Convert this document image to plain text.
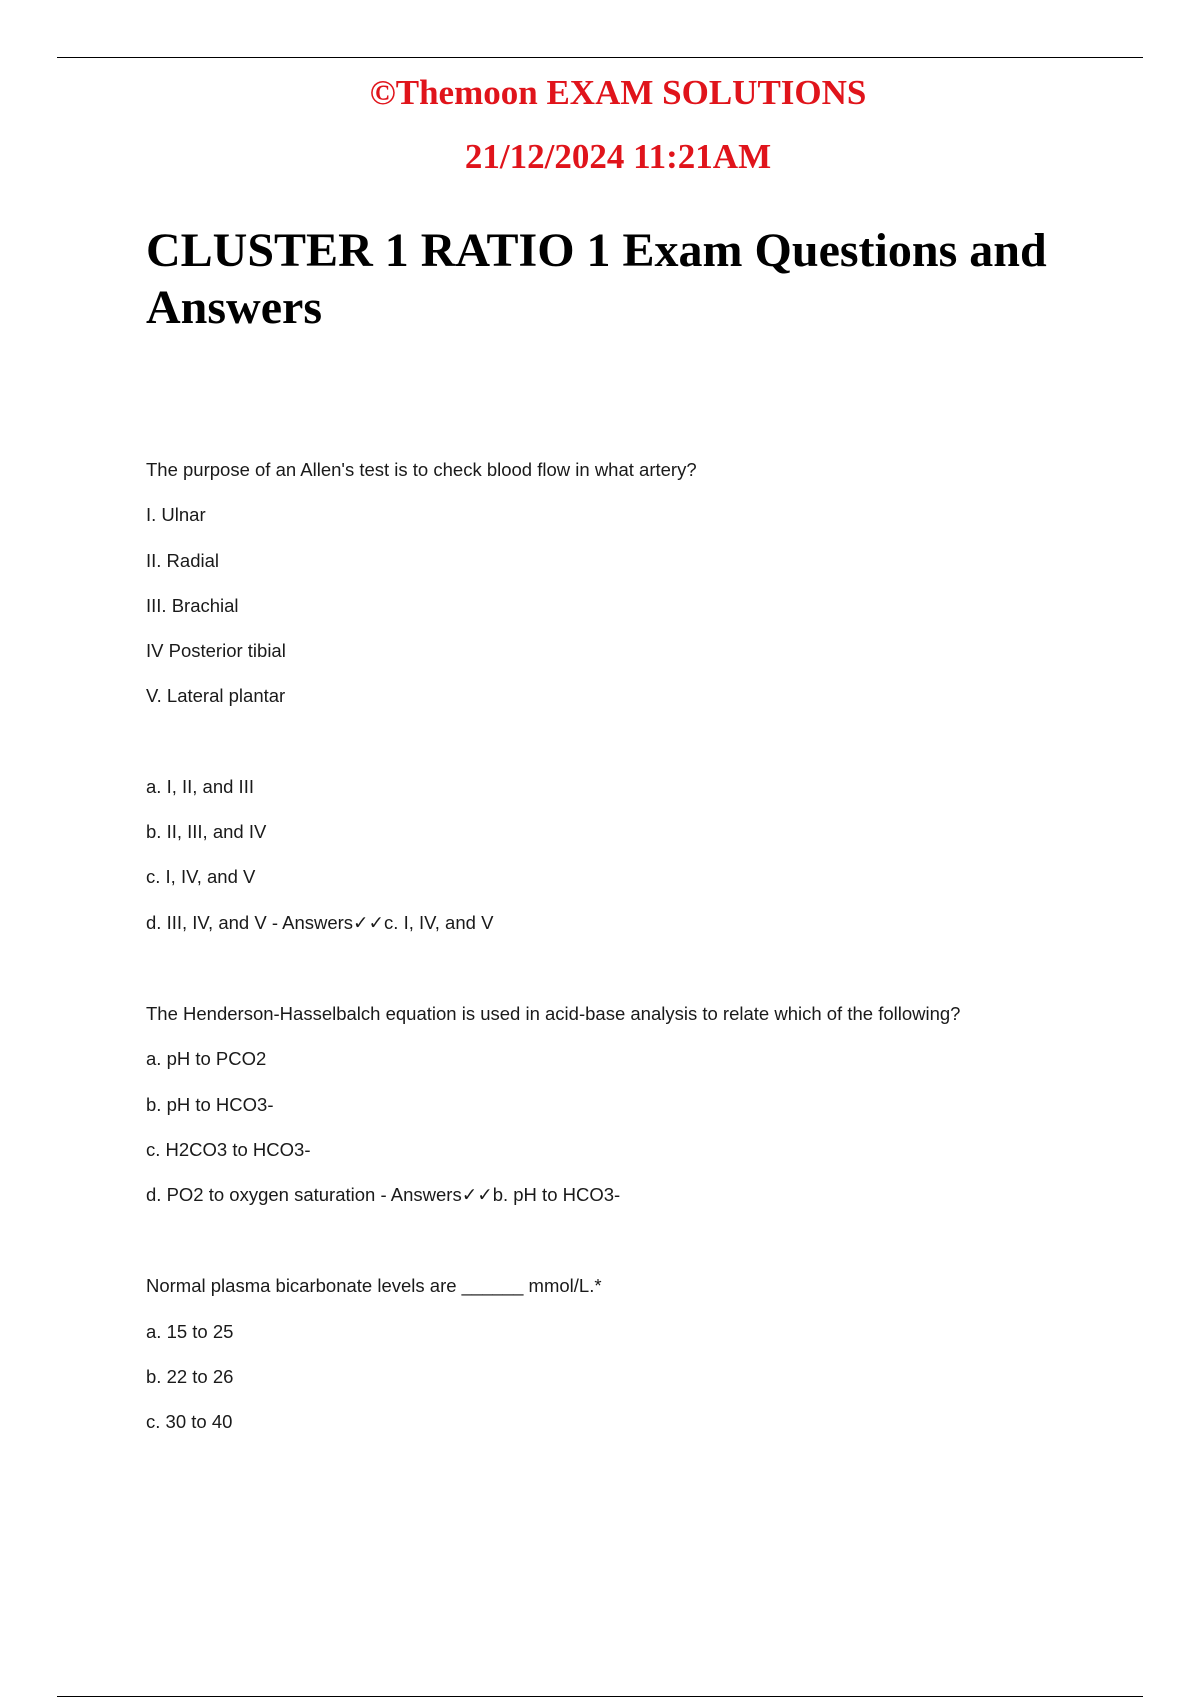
©Themoon EXAM SOLUTIONS
21/12/2024 11:21AM
CLUSTER 1 RATIO 1 Exam Questions and Answers
The purpose of an Allen's test is to check blood flow in what artery?
I. Ulnar
II. Radial
III. Brachial
IV Posterior tibial
V. Lateral plantar
a. I, II, and III
b. II, III, and IV
c. I, IV, and V
d. III, IV, and V - Answers✓✓c. I, IV, and V
The Henderson-Hasselbalch equation is used in acid-base analysis to relate which of the following?
a. pH to PCO2
b. pH to HCO3-
c. H2CO3 to HCO3-
d. PO2 to oxygen saturation - Answers✓✓b. pH to HCO3-
Normal plasma bicarbonate levels are ______ mmol/L.*
a. 15 to 25
b. 22 to 26
c. 30 to 40
